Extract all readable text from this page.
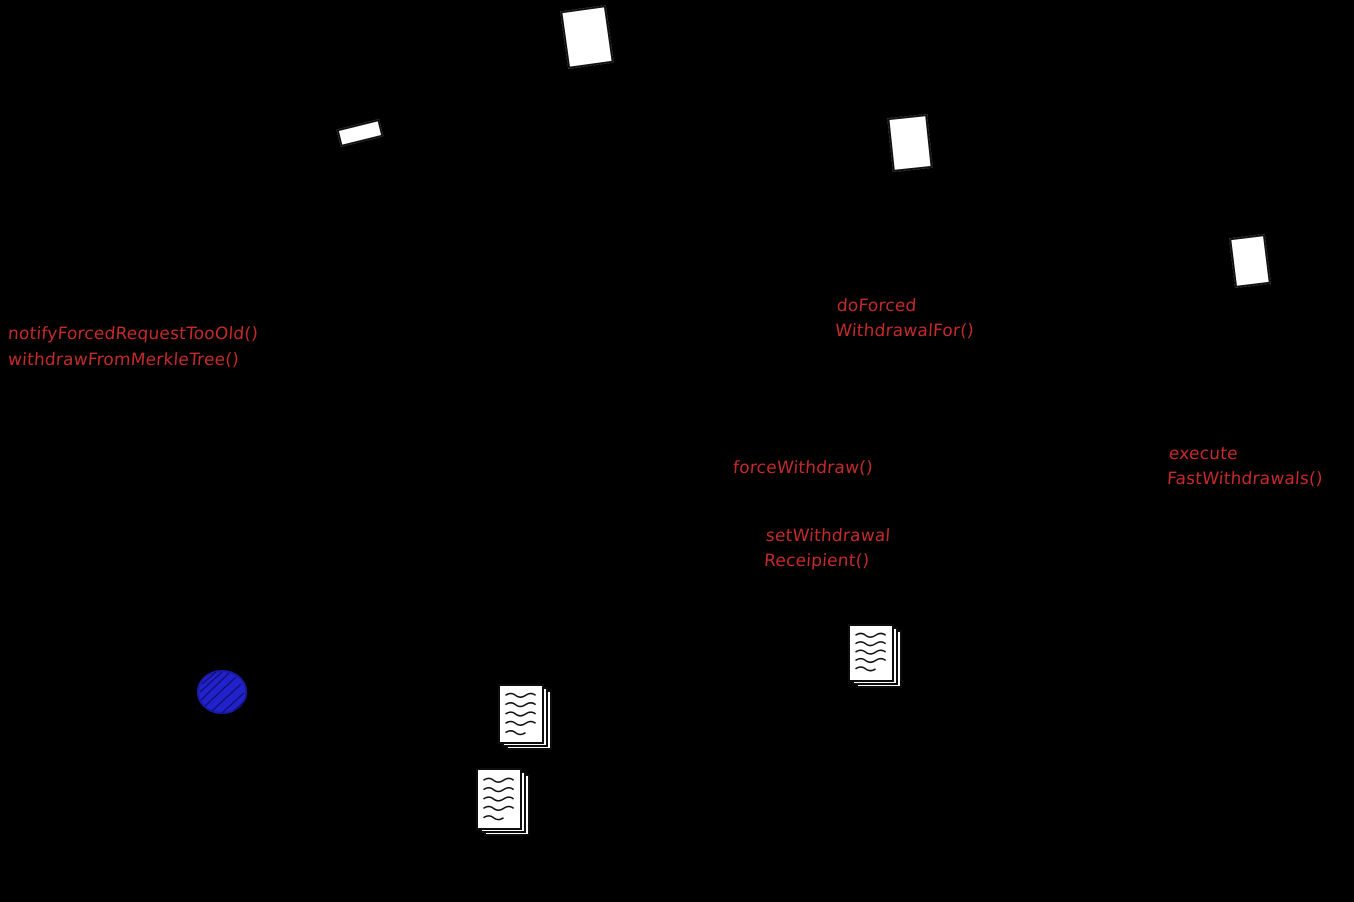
notifyForcedRequestTooOld()
withdrawFromMerkleTree()
doForced
WithdrawalFor()
forceWithdraw()
execute
FastWithdrawals()
setWithdrawal
Receipient()
